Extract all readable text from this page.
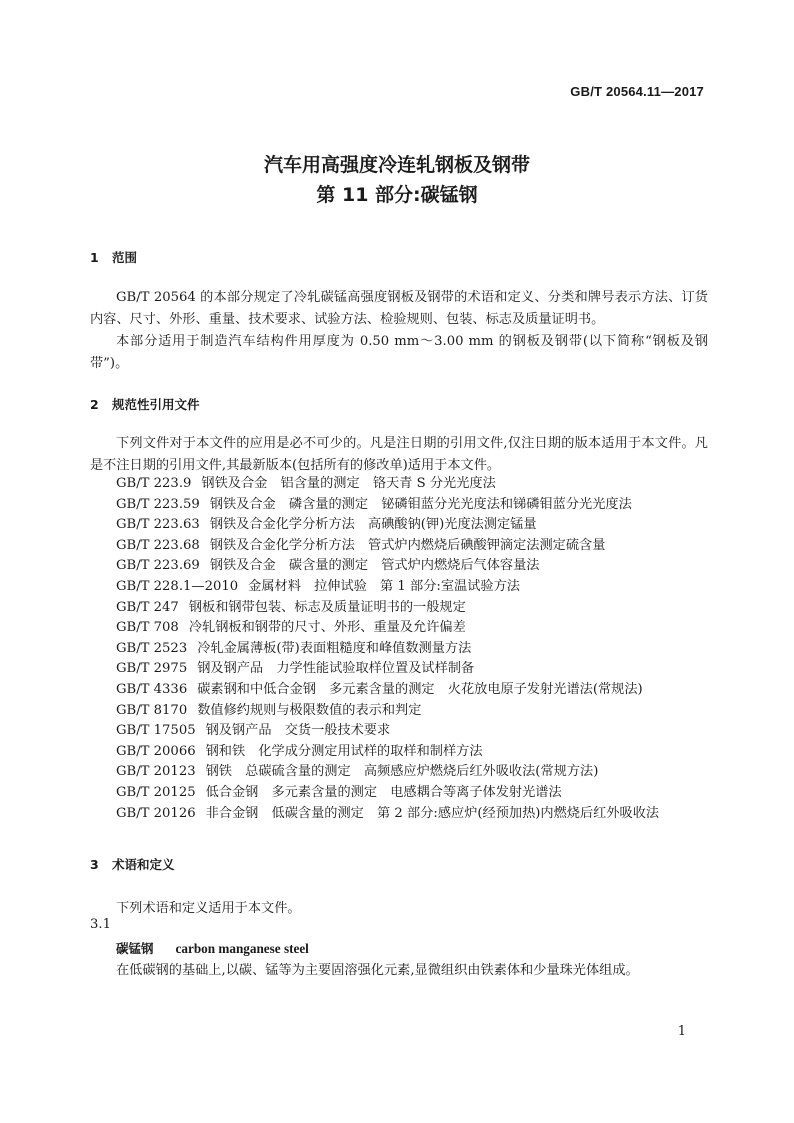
GB/T 20564.11—2017
汽车用高强度冷连轧钢板及钢带
第 11 部分:碳锰钢
1 范围
GB/T 20564 的本部分规定了冷轧碳锰高强度钢板及钢带的术语和定义、分类和牌号表示方法、订货内容、尺寸、外形、重量、技术要求、试验方法、检验规则、包装、标志及质量证明书。
本部分适用于制造汽车结构件用厚度为 0.50 mm～3.00 mm 的钢板及钢带(以下简称“钢板及钢带”)。
2 规范性引用文件
下列文件对于本文件的应用是必不可少的。凡是注日期的引用文件,仅注日期的版本适用于本文件。凡是不注日期的引用文件,其最新版本(包括所有的修改单)适用于本文件。
GB/T 223.9 钢铁及合金　铝含量的测定　铬天青 S 分光光度法
GB/T 223.59 钢铁及合金　磷含量的测定　铋磷钼蓝分光光度法和锑磷钼蓝分光光度法
GB/T 223.63 钢铁及合金化学分析方法　高碘酸钠(钾)光度法测定锰量
GB/T 223.68 钢铁及合金化学分析方法　管式炉内燃烧后碘酸钾滴定法测定硫含量
GB/T 223.69 钢铁及合金　碳含量的测定　管式炉内燃烧后气体容量法
GB/T 228.1—2010 金属材料　拉伸试验　第 1 部分:室温试验方法
GB/T 247 钢板和钢带包装、标志及质量证明书的一般规定
GB/T 708 冷轧钢板和钢带的尺寸、外形、重量及允许偏差
GB/T 2523 冷轧金属薄板(带)表面粗糙度和峰值数测量方法
GB/T 2975 钢及钢产品　力学性能试验取样位置及试样制备
GB/T 4336 碳素钢和中低合金钢　多元素含量的测定　火花放电原子发射光谱法(常规法)
GB/T 8170 数值修约规则与极限数值的表示和判定
GB/T 17505 钢及钢产品　交货一般技术要求
GB/T 20066 钢和铁　化学成分测定用试样的取样和制样方法
GB/T 20123 钢铁　总碳硫含量的测定　高频感应炉燃烧后红外吸收法(常规方法)
GB/T 20125 低合金钢　多元素含量的测定　电感耦合等离子体发射光谱法
GB/T 20126 非合金钢　低碳含量的测定　第 2 部分:感应炉(经预加热)内燃烧后红外吸收法
3 术语和定义
下列术语和定义适用于本文件。
3.1
碳锰钢 carbon manganese steel
在低碳钢的基础上,以碳、锰等为主要固溶强化元素,显微组织由铁素体和少量珠光体组成。
1
